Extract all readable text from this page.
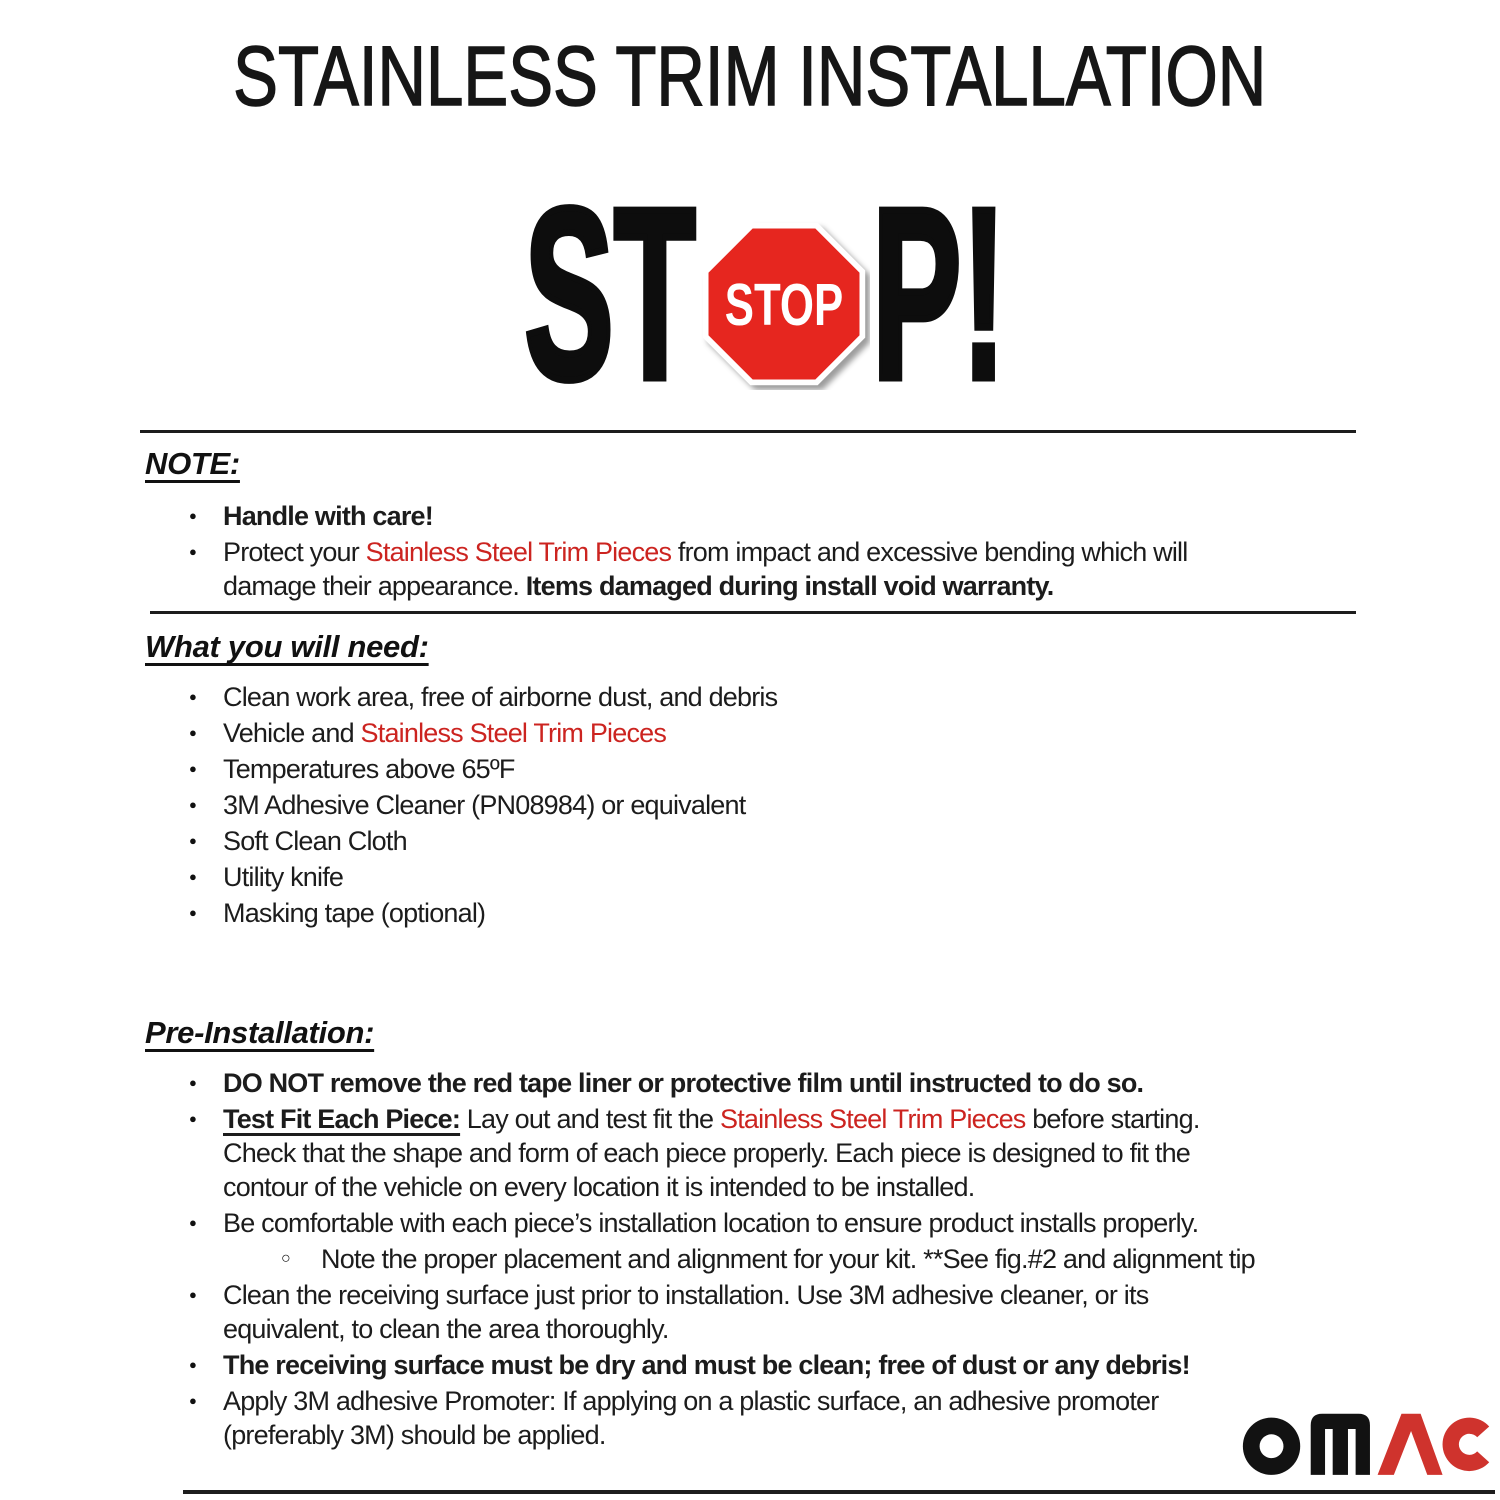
STAINLESS TRIM INSTALLATION
ST STOP P!
NOTE:
● Handle with care!
● Protect your Stainless Steel Trim Pieces from impact and excessive bending which will
damage their appearance. Items damaged during install void warranty.
What you will need:
● Clean work area, free of airborne dust, and debris
● Vehicle and Stainless Steel Trim Pieces
● Temperatures above 65ºF
● 3M Adhesive Cleaner (PN08984) or equivalent
● Soft Clean Cloth
● Utility knife
● Masking tape (optional)
Pre-Installation:
● DO NOT remove the red tape liner or protective film until instructed to do so.
● Test Fit Each Piece: Lay out and test fit the Stainless Steel Trim Pieces before starting.
Check that the shape and form of each piece properly. Each piece is designed to fit the
contour of the vehicle on every location it is intended to be installed.
● Be comfortable with each piece’s installation location to ensure product installs properly.
○ Note the proper placement and alignment for your kit. **See fig.#2 and alignment tip
● Clean the receiving surface just prior to installation. Use 3M adhesive cleaner, or its
equivalent, to clean the area thoroughly.
● The receiving surface must be dry and must be clean; free of dust or any debris!
● Apply 3M adhesive Promoter: If applying on a plastic surface, an adhesive promoter
(preferably 3M) should be applied.
